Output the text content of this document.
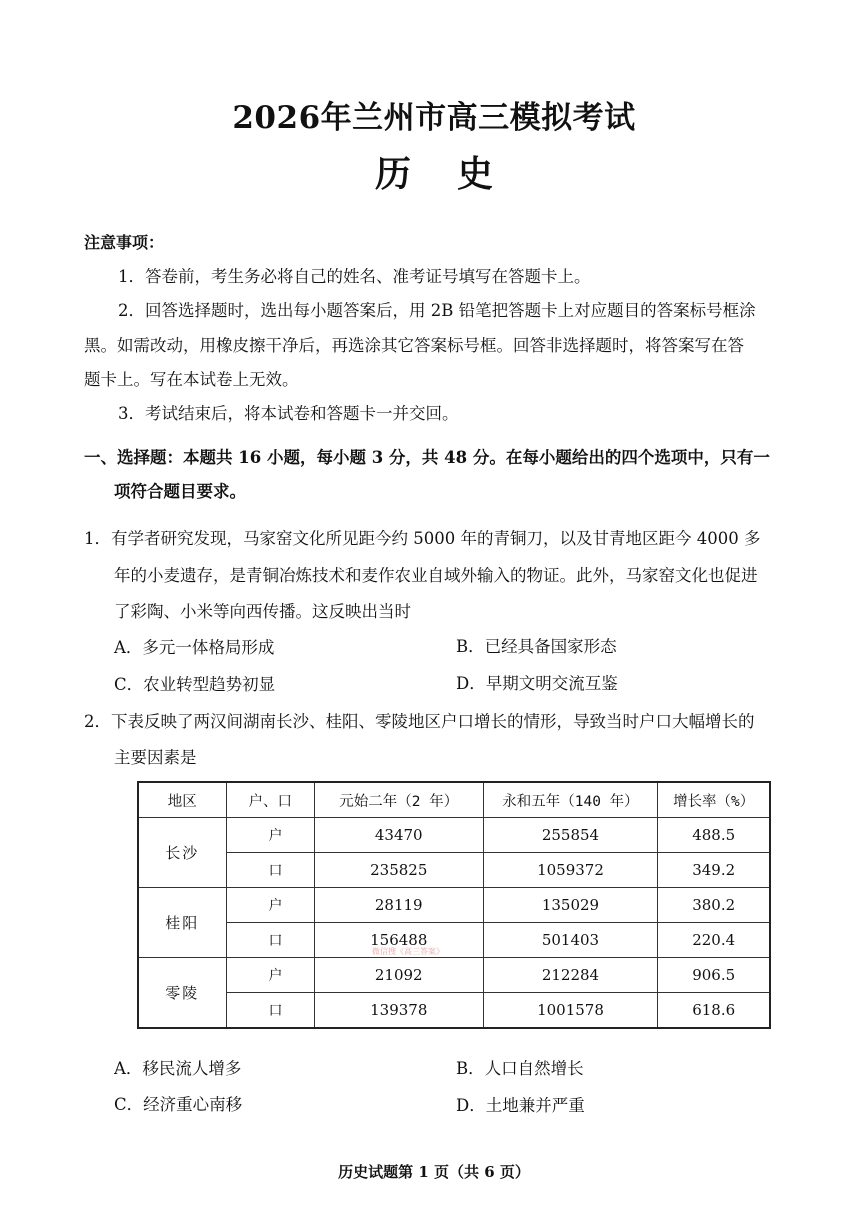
2026年兰州市高三模拟考试
历史
注意事项：
1．答卷前，考生务必将自己的姓名、准考证号填写在答题卡上。
2．回答选择题时，选出每小题答案后，用 2B 铅笔把答题卡上对应题目的答案标号框涂
黑。如需改动，用橡皮擦干净后，再选涂其它答案标号框。回答非选择题时，将答案写在答
题卡上。写在本试卷上无效。
3．考试结束后，将本试卷和答题卡一并交回。
一、选择题：本题共 16 小题，每小题 3 分，共 48 分。在每小题给出的四个选项中，只有一
项符合题目要求。
1．有学者研究发现，马家窑文化所见距今约 5000 年的青铜刀，以及甘青地区距今 4000 多
年的小麦遗存，是青铜冶炼技术和麦作农业自域外输入的物证。此外，马家窑文化也促进
了彩陶、小米等向西传播。这反映出当时
A．多元一体格局形成	B．已经具备国家形态
C．农业转型趋势初显	D．早期文明交流互鉴
2．下表反映了两汉间湖南长沙、桂阳、零陵地区户口增长的情形，导致当时户口大幅增长的
主要因素是
地区	户、口	元始二年（2 年）	永和五年（140 年）	增长率（%）
长沙	户	43470	255854	488.5
	口	235825	1059372	349.2
桂阳	户	28119	135029	380.2
	口	156488	501403	220.4
零陵	户	21092	212284	906.5
	口	139378	1001578	618.6
微信搜《高三答案》
A．移民流人增多	B．人口自然增长
C．经济重心南移	D．土地兼并严重
历史试题第 1 页（共 6 页）
